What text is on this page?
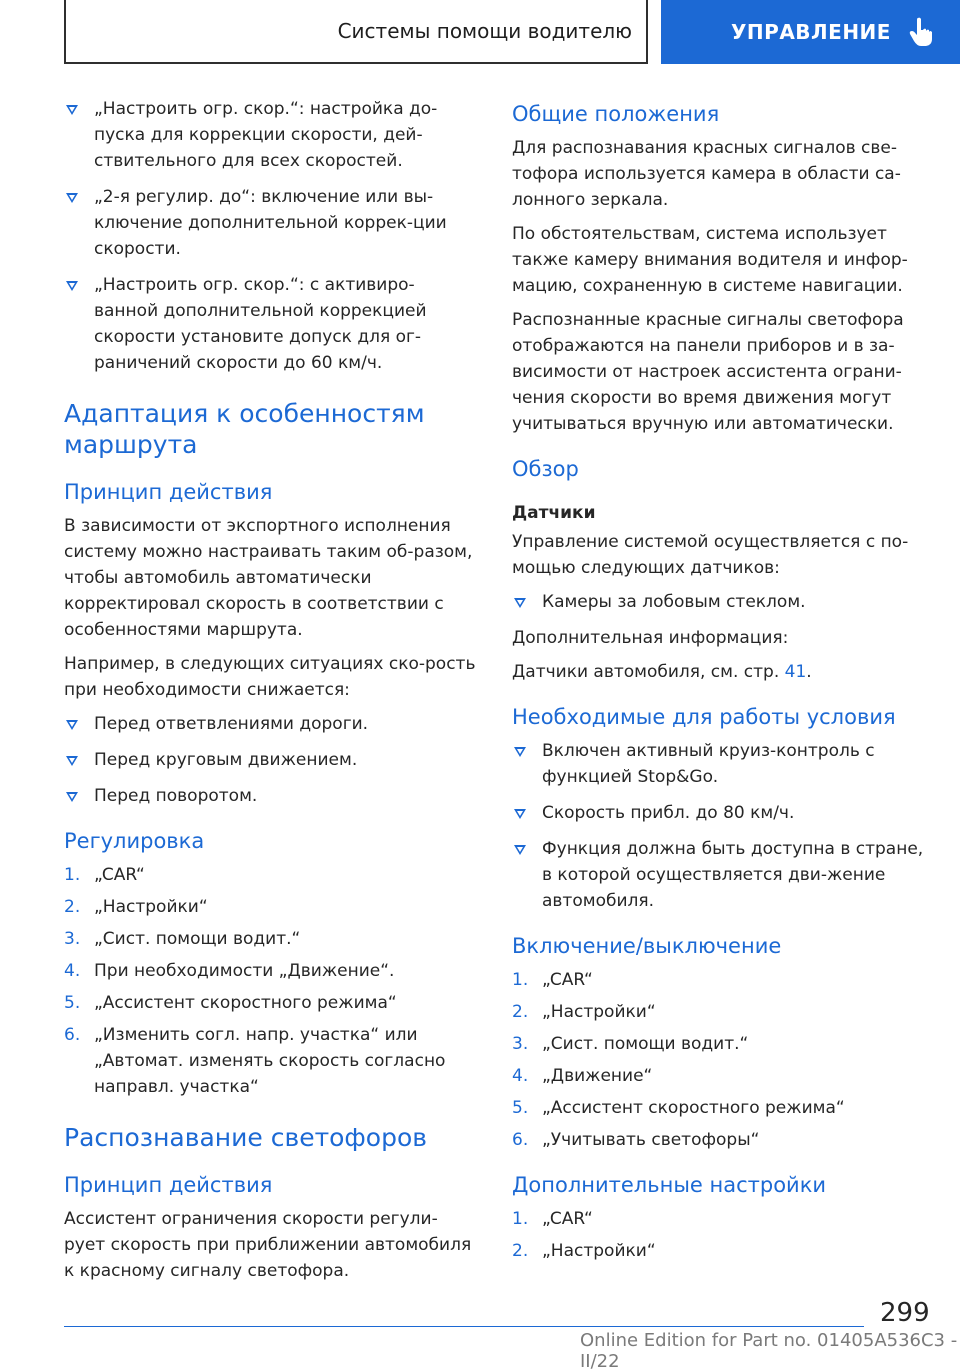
Системы помощи водителю	УПРАВЛЕНИЕ
„Настроить огр. скор.“: настройка до-пуска для коррекции скорости, дей-ствительного для всех скоростей.
„2-я регулир. до“: включение или вы-ключение дополнительной коррек-ции скорости.
„Настроить огр. скор.“: с активиро-ванной дополнительной коррекцией скорости установите допуск для ог-раничений скорости до 60 км/ч.
Адаптация к особенностям маршрута
Принцип действия
В зависимости от экспортного исполнения систему можно настраивать таким об-разом, чтобы автомобиль автоматически корректировал скорость в соответствии с особенностями маршрута.
Например, в следующих ситуациях ско-рость при необходимости снижается:
Перед ответвлениями дороги.
Перед круговым движением.
Перед поворотом.
Регулировка
1. „CAR“
2. „Настройки“
3. „Сист. помощи водит.“
4. При необходимости „Движение“.
5. „Ассистент скоростного режима“
6. „Изменить согл. напр. участка“ или „Автомат. изменять скорость согласно направл. участка“
Распознавание светофоров
Принцип действия
Ассистент ограничения скорости регули-рует скорость при приближении автомобиля к красному сигналу светофора.
Общие положения
Для распознавания красных сигналов све-тофора используется камера в области са-лонного зеркала.
По обстоятельствам, система использует также камеру внимания водителя и инфор-мацию, сохраненную в системе навигации.
Распознанные красные сигналы светофора отображаются на панели приборов и в за-висимости от настроек ассистента ограни-чения скорости во время движения могут учитываться вручную или автоматически.
Обзор
Датчики
Управление системой осуществляется с по-мощью следующих датчиков:
Камеры за лобовым стеклом.
Дополнительная информация:
Датчики автомобиля, см. стр. 41.
Необходимые для работы условия
Включен активный круиз-контроль с функцией Stop&Go.
Скорость прибл. до 80 км/ч.
Функция должна быть доступна в стране, в которой осуществляется дви-жение автомобиля.
Включение/выключение
1. „CAR“
2. „Настройки“
3. „Сист. помощи водит.“
4. „Движение“
5. „Ассистент скоростного режима“
6. „Учитывать светофоры“
Дополнительные настройки
1. „CAR“
2. „Настройки“
299
Online Edition for Part no. 01405A536C3 - II/22
